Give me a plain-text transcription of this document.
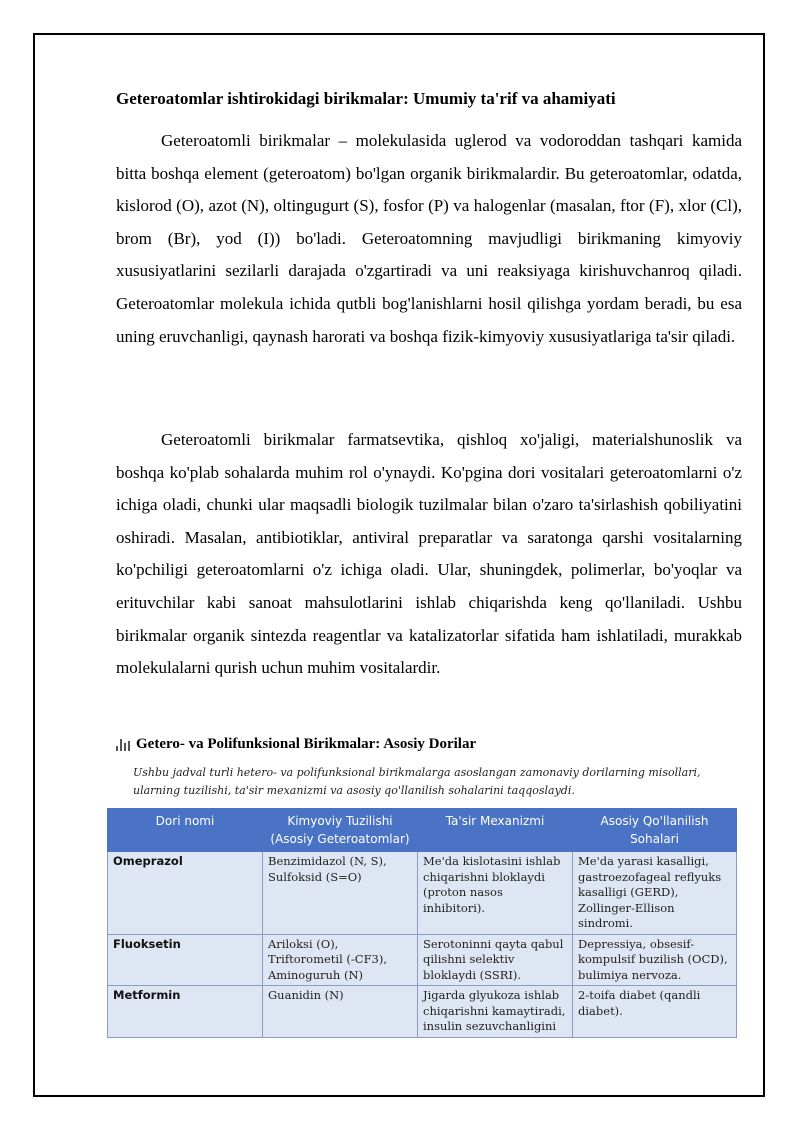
Geteroatomlar ishtirokidagi birikmalar: Umumiy ta'rif va ahamiyati

Geteroatomli birikmalar – molekulasida uglerod va vodoroddan tashqari kamida bitta boshqa element (geteroatom) bo'lgan organik birikmalardir. Bu geteroatomlar, odatda, kislorod (O), azot (N), oltingugurt (S), fosfor (P) va halogenlar (masalan, ftor (F), xlor (Cl), brom (Br), yod (I)) bo'ladi. Geteroatomning mavjudligi birikmaning kimyoviy xususiyatlarini sezilarli darajada o'zgartiradi va uni reaksiyaga kirishuvchanroq qiladi. Geteroatomlar molekula ichida qutbli bog'lanishlarni hosil qilishga yordam beradi, bu esa uning eruvchanligi, qaynash harorati va boshqa fizik-kimyoviy xususiyatlariga ta'sir qiladi.

Geteroatomli birikmalar farmatsevtika, qishloq xo'jaligi, materialshunoslik va boshqa ko'plab sohalarda muhim rol o'ynaydi. Ko'pgina dori vositalari geteroatomlarni o'z ichiga oladi, chunki ular maqsadli biologik tuzilmalar bilan o'zaro ta'sirlashish qobiliyatini oshiradi. Masalan, antibiotiklar, antiviral preparatlar va saratonga qarshi vositalarning ko'pchiligi geteroatomlarni o'z ichiga oladi. Ular, shuningdek, polimerlar, bo'yoqlar va erituvchilar kabi sanoat mahsulotlarini ishlab chiqarishda keng qo'llaniladi. Ushbu birikmalar organik sintezda reagentlar va katalizatorlar sifatida ham ishlatiladi, murakkab molekulalarni qurish uchun muhim vositalardir.

Getero- va Polifunksional Birikmalar: Asosiy Dorilar
Ushbu jadval turli hetero- va polifunksional birikmalarga asoslangan zamonaviy dorilarning misollari, ularning tuzilishi, ta'sir mexanizmi va asosiy qo'llanilish sohalarini taqqoslaydi.
Dori nomi	Kimyoviy Tuzilishi (Asosiy Geteroatomlar)	Ta'sir Mexanizmi	Asosiy Qo'llanilish Sohalari
Omeprazol	Benzimidazol (N, S), Sulfoksid (S=O)	Me'da kislotasini ishlab chiqarishni bloklaydi (proton nasos inhibitori).	Me'da yarasi kasalligi, gastroezofageal reflyuks kasalligi (GERD), Zollinger-Ellison sindromi.
Fluoksetin	Ariloksi (O), Triftorometil (-CF3), Aminoguruh (N)	Serotoninni qayta qabul qilishni selektiv bloklaydi (SSRI).	Depressiya, obsesif-kompulsif buzilish (OCD), bulimiya nervoza.
Metformin	Guanidin (N)	Jigarda glyukoza ishlab chiqarishni kamaytiradi, insulin sezuvchanligini	2-toifa diabet (qandli diabet).
